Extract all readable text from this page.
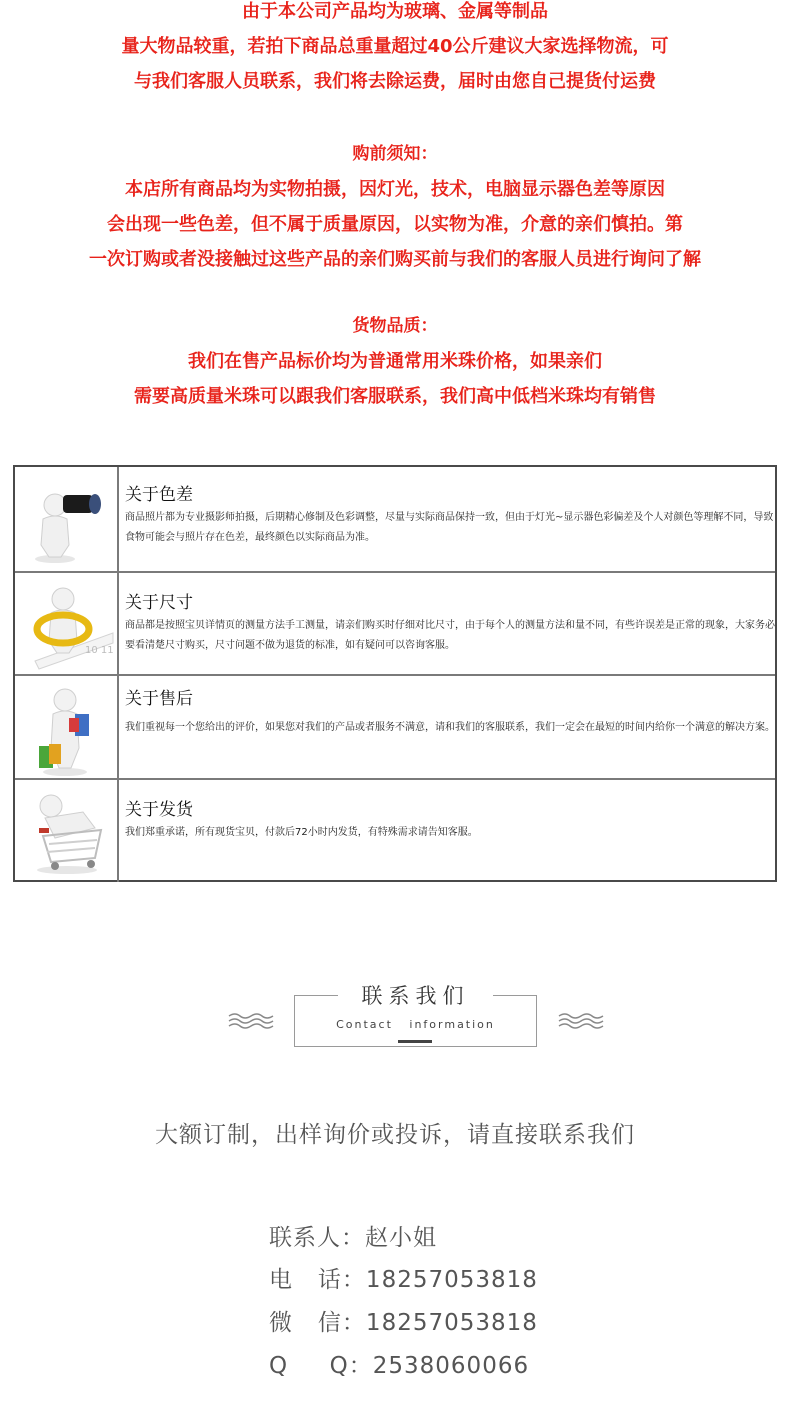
由于本公司产品均为玻璃、金属等制品

量大物品较重，若拍下商品总重量超过40公斤建议大家选择物流，可

与我们客服人员联系，我们将去除运费，届时由您自己提货付运费

购前须知：

本店所有商品均为实物拍摄，因灯光，技术，电脑显示器色差等原因

会出现一些色差，但不属于质量原因，以实物为准，介意的亲们慎拍。第

一次订购或者没接触过这些产品的亲们购买前与我们的客服人员进行询问了解

货物品质：

我们在售产品标价均为普通常用米珠价格，如果亲们

需要高质量米珠可以跟我们客服联系，我们高中低档米珠均有销售

关于色差
商品照片都为专业摄影师拍摄，后期精心修制及色彩调整，尽量与实际商品保持一致，但由于灯光~显示器色彩偏差及个人对颜色等理解不同，导致食物可能会与照片存在色差，最终颜色以实际商品为准。
10 11
关于尺寸
商品都是按照宝贝详情页的测量方法手工测量，请亲们购买时仔细对比尺寸，由于每个人的测量方法和量不同，有些许误差是正常的现象，大家务必要看清楚尺寸购买，尺寸问题不做为退货的标准，如有疑问可以咨询客服。
关于售后
我们重视每一个您给出的评价，如果您对我们的产品或者服务不满意，请和我们的客服联系，我们一定会在最短的时间内给你一个满意的解决方案。
关于发货
我们郑重承诺，所有现货宝贝，付款后72小时内发货，有特殊需求请告知客服。
联系我们
Contact   information
大额订制，出样询价或投诉，请直接联系我们
联系人：赵小姐
电   话：18257053818
微   信：18257053818
Q     Q：2538060066
